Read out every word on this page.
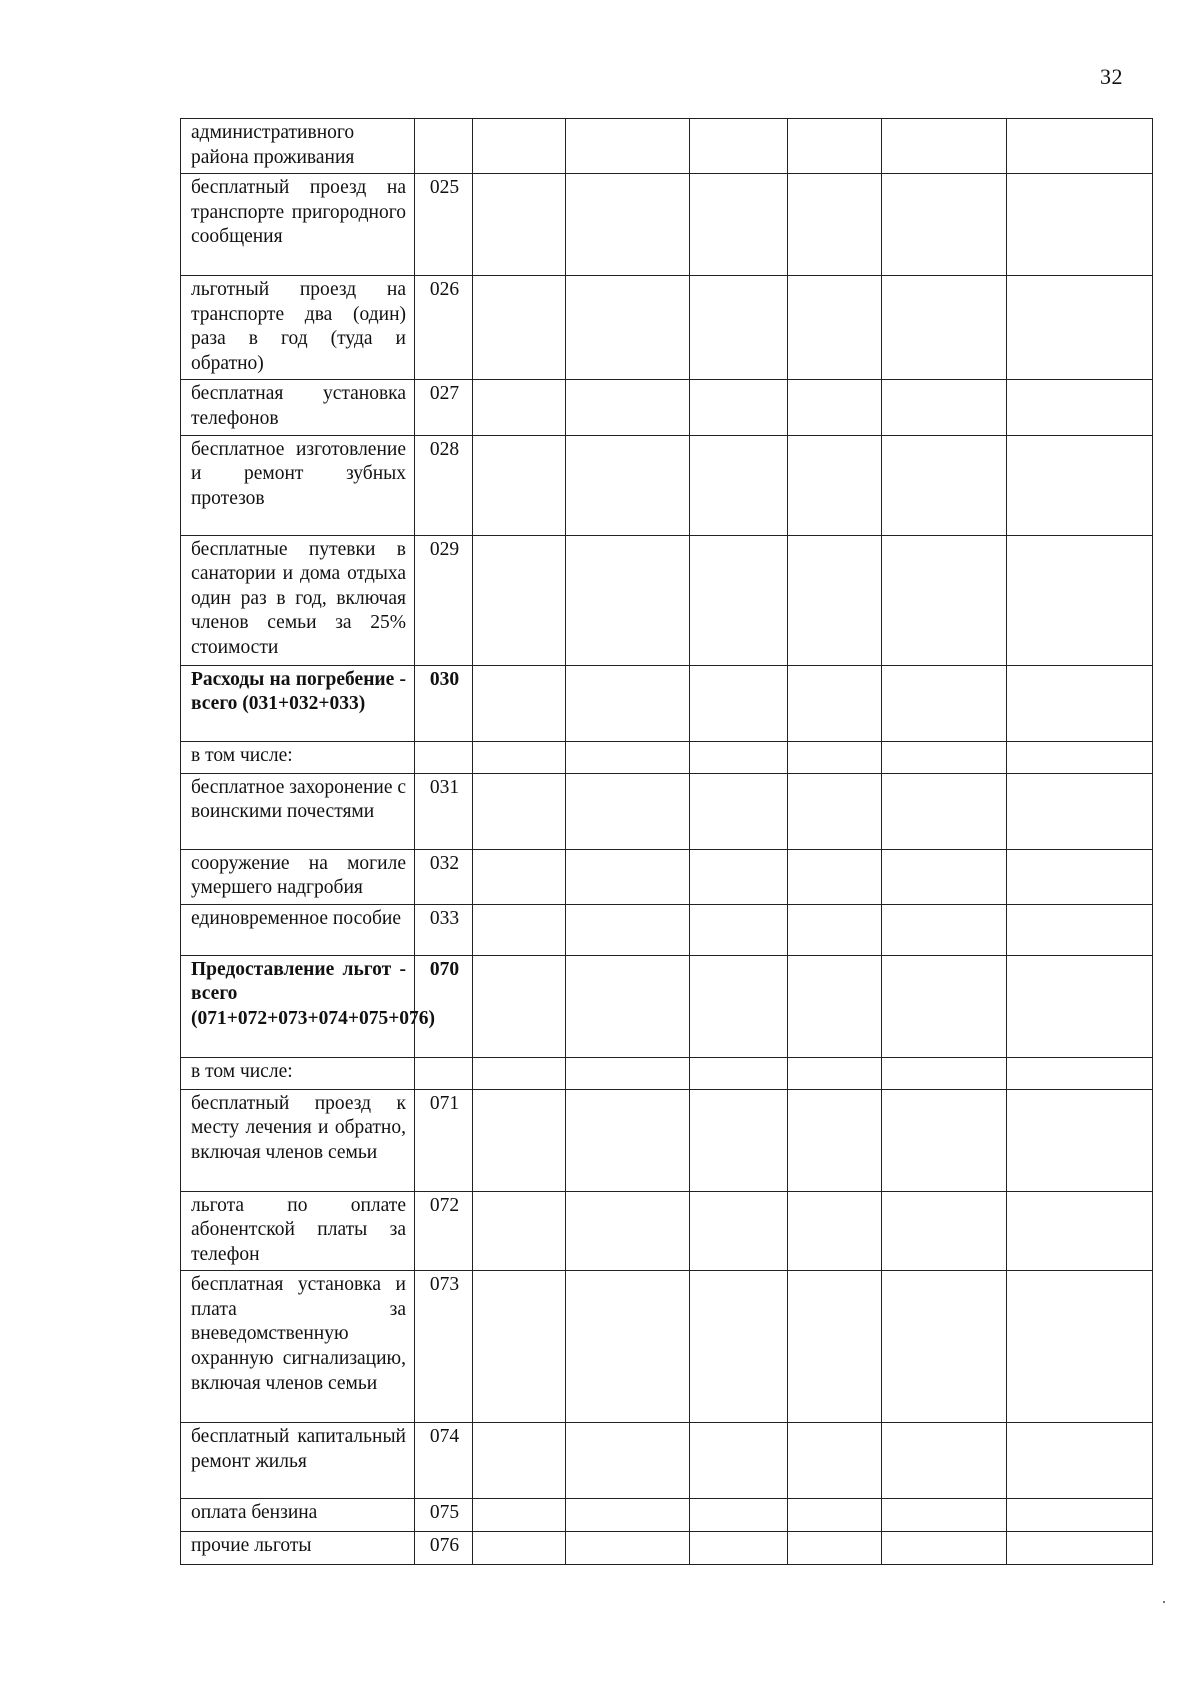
32
административного района проживания							
бесплатный проезд на транспорте пригородного сообщения	025						
льготный проезд на транспорте два (один) раза в год (туда и обратно)	026						
бесплатная установка телефонов	027						
бесплатное изготовление и ремонт зубных протезов	028						
бесплатные путевки в санатории и дома отдыха один раз в год, включая членов семьи за 25% стоимости	029						
Расходы на погребение - всего (031+032+033)	030						
в том числе:							
бесплатное захоронение с воинскими почестями	031						
сооружение на могиле умершего надгробия	032						
единовременное пособие	033						
Предоставление льгот - всего (071+072+073+074+075+076)	070						
в том числе:							
бесплатный проезд к месту лечения и обратно, включая членов семьи	071						
льгота по оплате абонентской платы за телефон	072						
бесплатная установка и плата за вневедомственную охранную сигнализацию, включая членов семьи	073						
бесплатный капитальный ремонт жилья	074						
оплата бензина	075						
прочие льготы	076						
